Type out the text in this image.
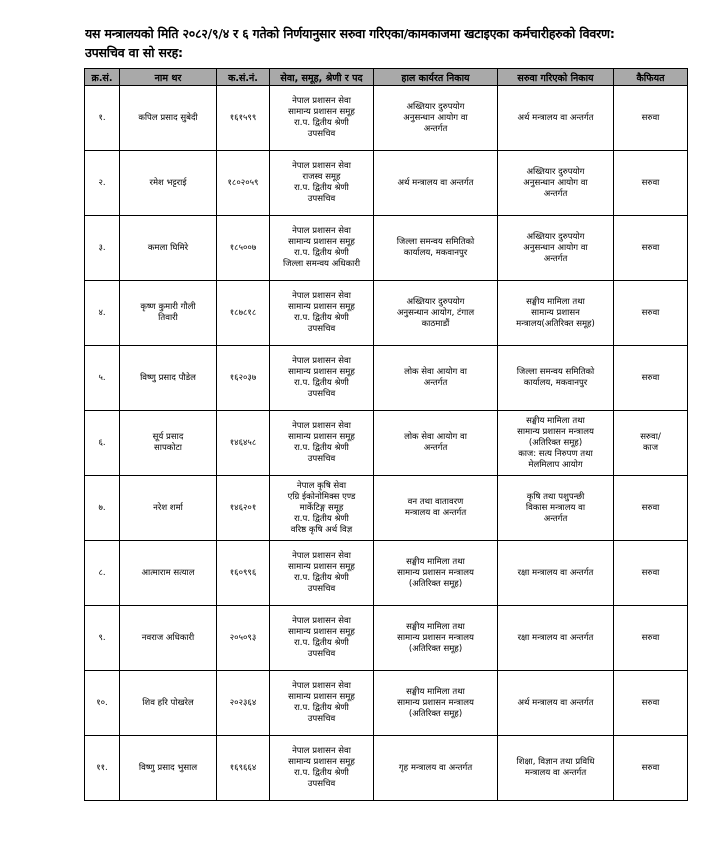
यस मन्त्रालयको मिति २०८२/९/४ र ६ गतेको निर्णयानुसार सरुवा गरिएका/कामकाजमा खटाइएका कर्मचारीहरुको विवरण:
उपसचिव वा सो सरह:
क्र.सं.	नाम थर	क.सं.नं.	सेवा, समूह, श्रेणी र पद	हाल कार्यरत निकाय	सरुवा गरिएको निकाय	कैफियत
१.	कपिल प्रसाद सुबेदी	१६१५९९	नेपाल प्रशासन सेवा
सामान्य प्रशासन समूह
रा.प. द्वितीय श्रेणी
उपसचिव	अख्तियार दुरुपयोग
अनुसन्धान आयोग वा
अन्तर्गत	अर्थ मन्त्रालय वा अन्तर्गत	सरुवा

२.	रमेश भट्टराई	१८०२०५९	नेपाल प्रशासन सेवा
राजस्व समूह
रा.प. द्वितीय श्रेणी
उपसचिव	अर्थ मन्त्रालय वा अन्तर्गत	अख्तियार दुरुपयोग
अनुसन्धान आयोग वा
अन्तर्गत	सरुवा

३.	कमला घिमिरे	१८५००७	नेपाल प्रशासन सेवा
सामान्य प्रशासन समूह
रा.प. द्वितीय श्रेणी
जिल्ला समन्वय अधिकारी	जिल्ला समन्वय समितिको
कार्यालय, मकवानपुर	अख्तियार दुरुपयोग
अनुसन्धान आयोग वा
अन्तर्गत	सरुवा

४.	कृष्ण कुमारी गौली
तिवारी	१८७८१८	नेपाल प्रशासन सेवा
सामान्य प्रशासन समूह
रा.प. द्वितीय श्रेणी
उपसचिव	अख्तियार दुरुपयोग
अनुसन्धान आयोग, टंगाल
काठमाडौं	सङ्घीय मामिला तथा
सामान्य प्रशासन
मन्त्रालय(अतिरिक्त समूह)	सरुवा

५.	विष्णु प्रसाद पौडेल	१६२०३७	नेपाल प्रशासन सेवा
सामान्य प्रशासन समूह
रा.प. द्वितीय श्रेणी
उपसचिव	लोक सेवा आयोग वा
अन्तर्गत	जिल्ला समन्वय समितिको
कार्यालय, मकवानपुर	सरुवा

६.	सूर्य प्रसाद
सापकोटा	१४६४५८	नेपाल प्रशासन सेवा
सामान्य प्रशासन समूह
रा.प. द्वितीय श्रेणी
उपसचिव	लोक सेवा आयोग वा
अन्तर्गत	सङ्घीय मामिला तथा
सामान्य प्रशासन मन्त्रालय
(अतिरिक्त समूह)
काज: सत्य निरुपण तथा
मेलमिलाप आयोग	सरुवा/
काज

७.	नरेश शर्मा	१४६२०१	नेपाल कृषि सेवा
एग्रि ईकोनोमिक्स एण्ड
मार्केटिङ्ग समूह
रा.प. द्वितीय श्रेणी
वरिष्ठ कृषि अर्थ विज्ञ	वन तथा वातावरण
मन्त्रालय वा अन्तर्गत	कृषि तथा पशुपन्छी
विकास मन्त्रालय वा
अन्तर्गत	सरुवा

८.	आत्माराम सत्याल	१६०९९६	नेपाल प्रशासन सेवा
सामान्य प्रशासन समूह
रा.प. द्वितीय श्रेणी
उपसचिव	सङ्घीय मामिला तथा
सामान्य प्रशासन मन्त्रालय
(अतिरिक्त समूह)	रक्षा मन्त्रालय वा अन्तर्गत	सरुवा

९.	नवराज अधिकारी	२०५०९३	नेपाल प्रशासन सेवा
सामान्य प्रशासन समूह
रा.प. द्वितीय श्रेणी
उपसचिव	सङ्घीय मामिला तथा
सामान्य प्रशासन मन्त्रालय
(अतिरिक्त समूह)	रक्षा मन्त्रालय वा अन्तर्गत	सरुवा

१०.	शिव हरि पोखरेल	२०२३६४	नेपाल प्रशासन सेवा
सामान्य प्रशासन समूह
रा.प. द्वितीय श्रेणी
उपसचिव	सङ्घीय मामिला तथा
सामान्य प्रशासन मन्त्रालय
(अतिरिक्त समूह)	अर्थ मन्त्रालय वा अन्तर्गत	सरुवा

११.	विष्णु प्रसाद भुसाल	१६९६६४	नेपाल प्रशासन सेवा
सामान्य प्रशासन समूह
रा.प. द्वितीय श्रेणी
उपसचिव	गृह मन्त्रालय वा अन्तर्गत	शिक्षा, विज्ञान तथा प्रविधि
मन्त्रालय वा अन्तर्गत	सरुवा
